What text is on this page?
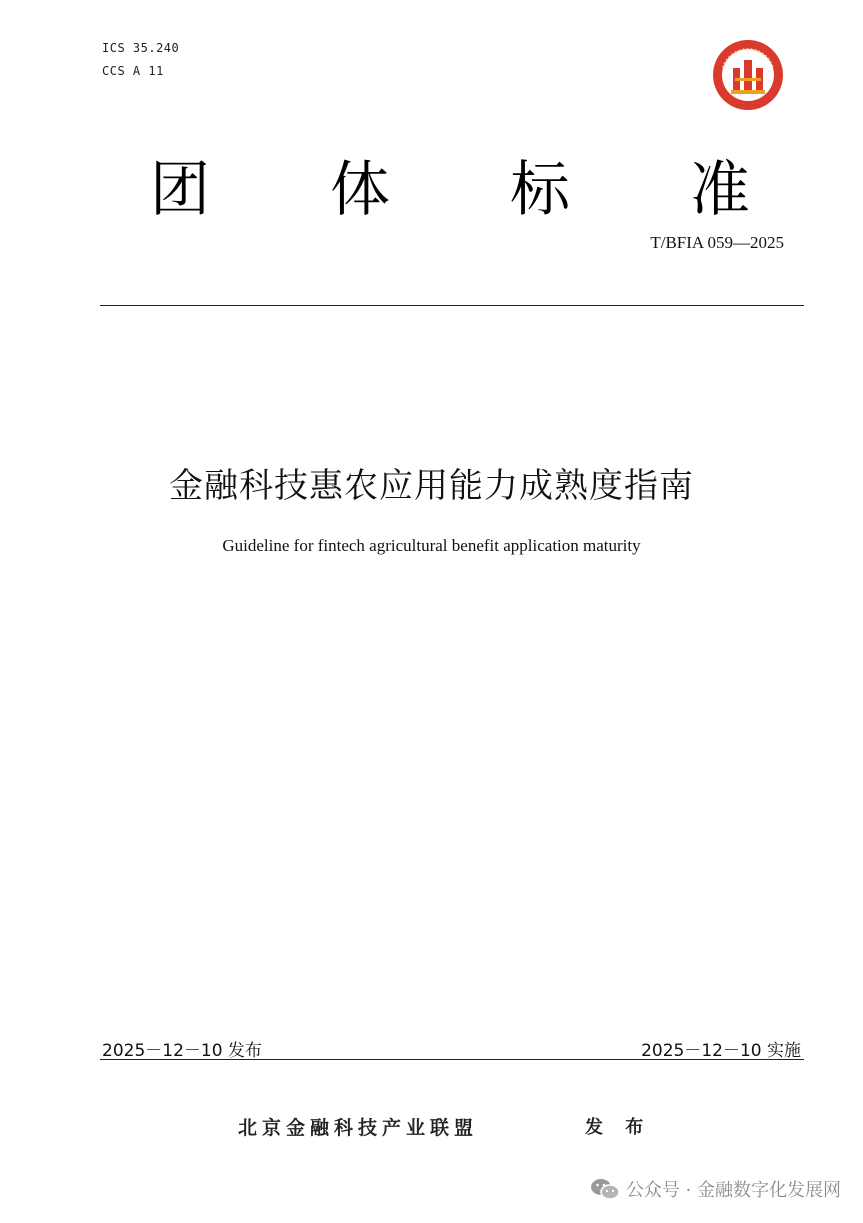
ICS 35.240
CCS A 11
团 体 标 准
T/BFIA 059—2025
金融科技惠农应用能力成熟度指南
Guideline for fintech agricultural benefit application maturity
2025－12－10 发布	2025－12－10 实施
北京金融科技产业联盟	发 布
公众号 · 金融数字化发展网
